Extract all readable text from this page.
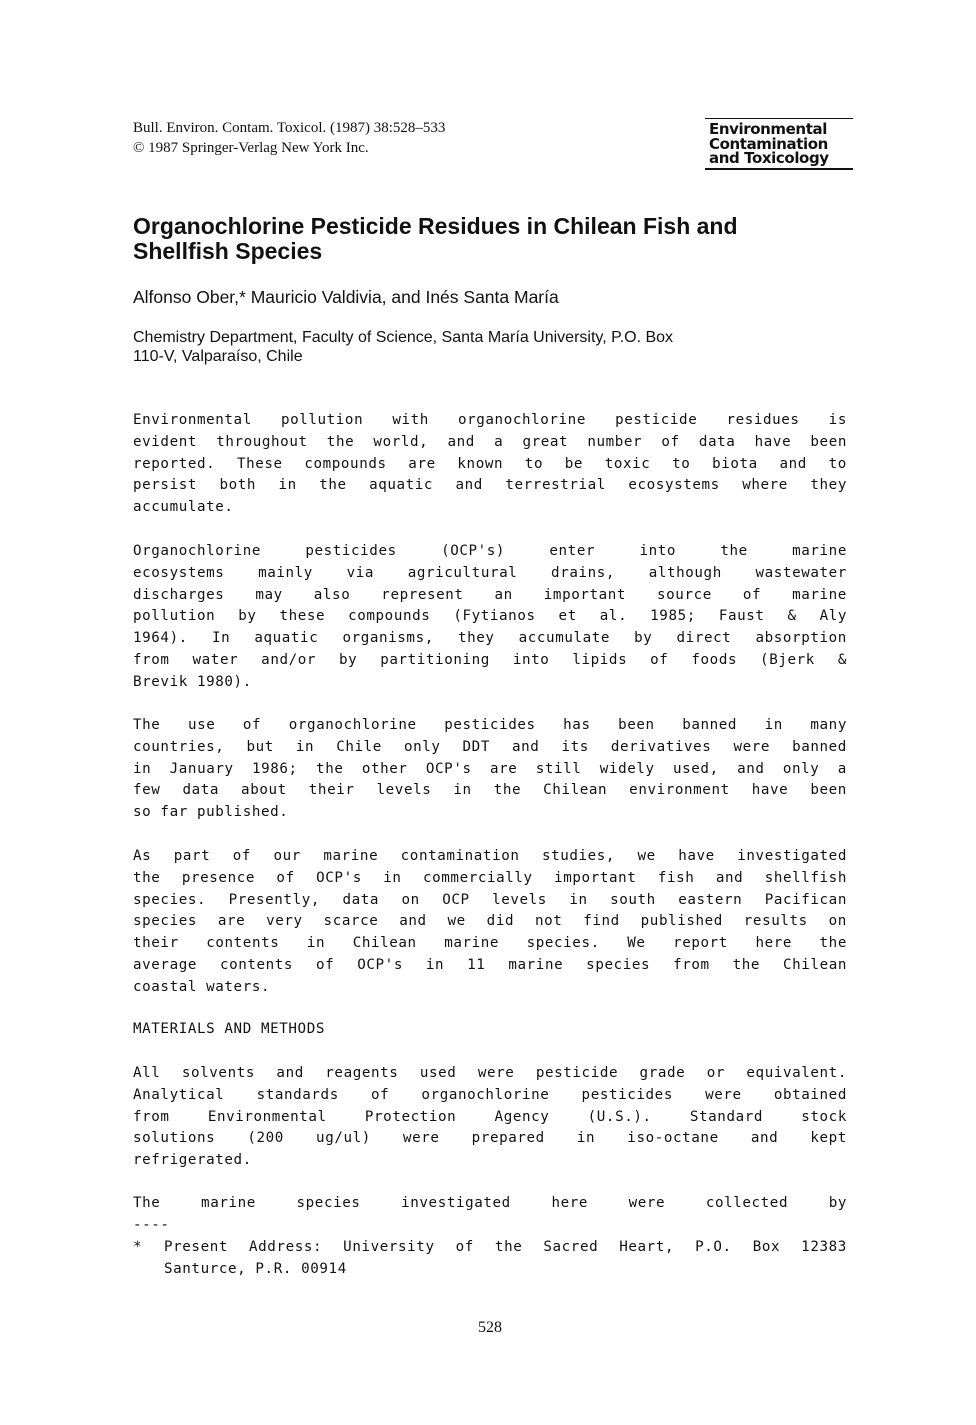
Bull. Environ. Contam. Toxicol. (1987) 38:528–533
© 1987 Springer-Verlag New York Inc.
Environmental
Contamination
and Toxicology
Organochlorine Pesticide Residues in Chilean Fish and
Shellfish Species
Alfonso Ober,* Mauricio Valdivia, and Inés Santa María
Chemistry Department, Faculty of Science, Santa María University, P.O. Box
110-V, Valparaíso, Chile
Environmental pollution with organochlorine pesticide residues is
evident throughout the world, and a great number of data have been
reported. These compounds are known to be toxic to biota and to
persist both in the aquatic and terrestrial ecosystems where they
accumulate.
Organochlorine	pesticides	(OCP's)	enter	into	the	marine
ecosystems mainly via agricultural drains, although wastewater
discharges may also represent an important source of marine
pollution by these compounds (Fytianos et al. 1985; Faust & Aly
1964). In aquatic organisms, they accumulate by direct absorption
from water and/or by partitioning into lipids of foods (Bjerk &
Brevik 1980).
The use of organochlorine pesticides has been banned in many
countries, but in Chile only DDT and its derivatives were banned
in January 1986; the other OCP's are still widely used, and only a
few data about their levels in the Chilean environment have been
so far published.
As part of our marine contamination studies, we have investigated
the presence of OCP's in commercially important fish and shellfish
species. Presently, data on OCP levels in south eastern Pacifican
species are very scarce and we did not find published results on
their contents in Chilean marine species. We report here the
average contents of OCP's in 11 marine species from the Chilean
coastal waters.
MATERIALS AND METHODS
All solvents and reagents used were pesticide grade or equivalent.
Analytical standards of organochlorine pesticides were obtained
from	Environmental	Protection	Agency	(U.S.).	Standard	stock
solutions (200 ug/ul) were prepared in iso-octane and kept
refrigerated.
The	marine	species	investigated	here	were	collected	by
----
*	Present Address: University of the Sacred Heart, P.O. Box 12383
Santurce, P.R. 00914
528
